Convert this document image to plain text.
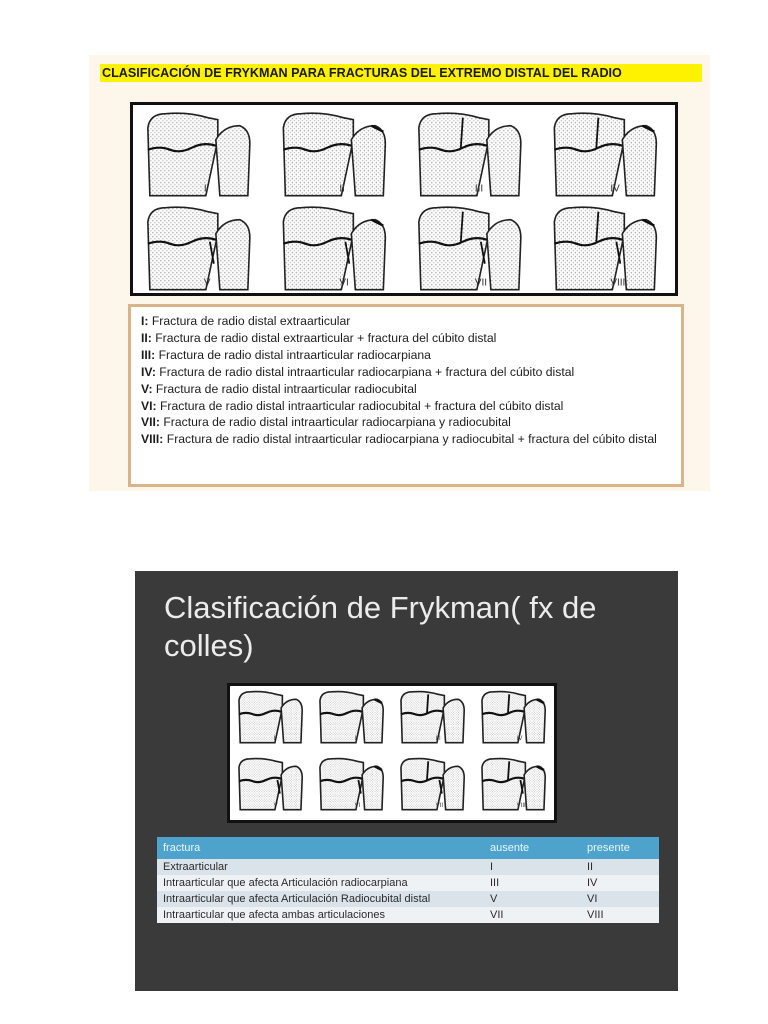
CLASIFICACIÓN DE FRYKMAN PARA FRACTURAS DEL EXTREMO DISTAL DEL RADIO
I	II	III	IV
V	VI	VII	VIII
I: Fractura de radio distal extraarticular
II: Fractura de radio distal extraarticular + fractura del cúbito distal
III: Fractura de radio distal intraarticular radiocarpiana
IV: Fractura de radio distal intraarticular radiocarpiana + fractura del cúbito distal
V: Fractura de radio distal intraarticular radiocubital
VI: Fractura de radio distal intraarticular radiocubital + fractura del cúbito distal
VII: Fractura de radio distal intraarticular radiocarpiana y radiocubital
VIII: Fractura de radio distal intraarticular radiocarpiana y radiocubital + fractura del cúbito distal
Clasificación de Frykman( fx de
colles)
I	II	III	IV
V	VI	VII	VIII
fractura	ausente	presente
Extraarticular	I	II
Intraarticular que afecta Articulación radiocarpiana	III	IV
Intraarticular que afecta Articulación Radiocubital distal	V	VI
Intraarticular que afecta ambas articulaciones	VII	VIII
